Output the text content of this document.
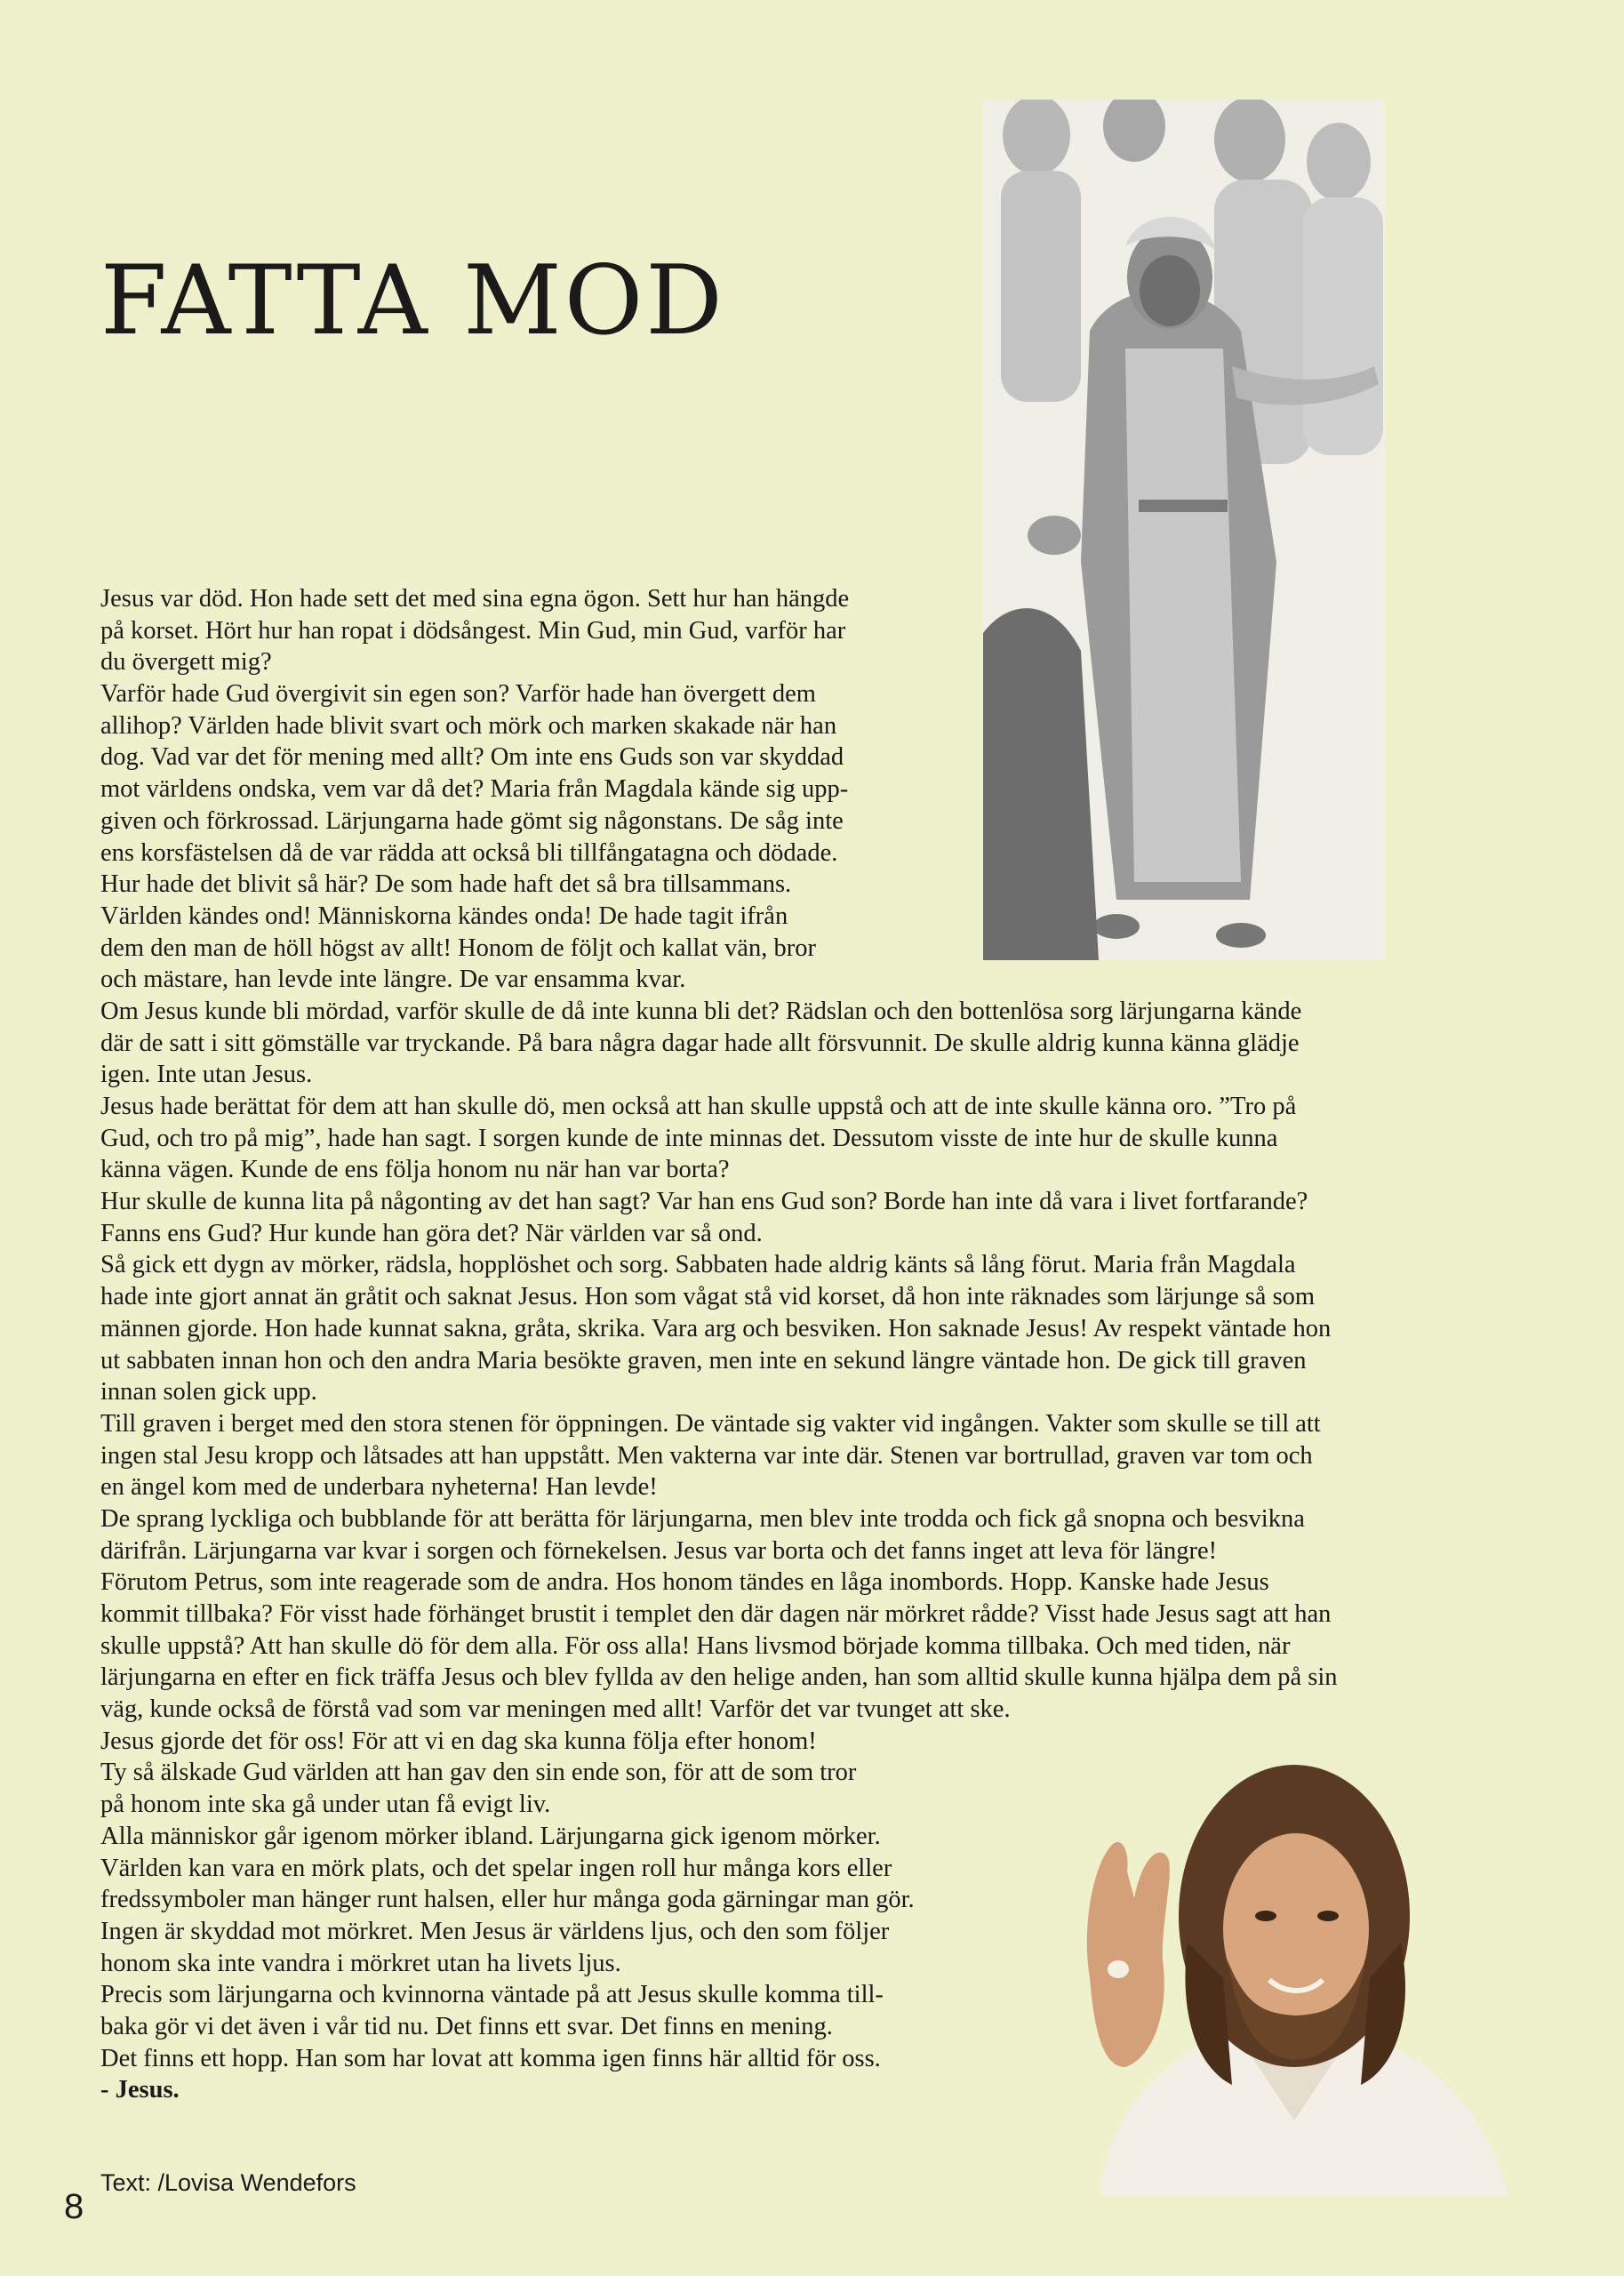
FATTA MOD
Jesus var död. Hon hade sett det med sina egna ögon. Sett hur han hängde
på korset. Hört hur han ropat i dödsångest. Min Gud, min Gud, varför har
du övergett mig?
Varför hade Gud övergivit sin egen son? Varför hade han övergett dem
allihop? Världen hade blivit svart och mörk och marken skakade när han
dog. Vad var det för mening med allt? Om inte ens Guds son var skyddad
mot världens ondska, vem var då det? Maria från Magdala kände sig upp-
given och förkrossad. Lärjungarna hade gömt sig någonstans. De såg inte
ens korsfästelsen då de var rädda att också bli tillfångatagna och dödade.
Hur hade det blivit så här? De som hade haft det så bra tillsammans.
Världen kändes ond! Människorna kändes onda! De hade tagit ifrån
dem den man de höll högst av allt! Honom de följt och kallat vän, bror
och mästare, han levde inte längre. De var ensamma kvar.
Om Jesus kunde bli mördad, varför skulle de då inte kunna bli det? Rädslan och den bottenlösa sorg lärjungarna kände
där de satt i sitt gömställe var tryckande. På bara några dagar hade allt försvunnit. De skulle aldrig kunna känna glädje
igen. Inte utan Jesus.
Jesus hade berättat för dem att han skulle dö, men också att han skulle uppstå och att de inte skulle känna oro. ”Tro på
Gud, och tro på mig”, hade han sagt. I sorgen kunde de inte minnas det. Dessutom visste de inte hur de skulle kunna
känna vägen. Kunde de ens följa honom nu när han var borta?
Hur skulle de kunna lita på någonting av det han sagt? Var han ens Gud son? Borde han inte då vara i livet fortfarande?
Fanns ens Gud? Hur kunde han göra det? När världen var så ond.
Så gick ett dygn av mörker, rädsla, hopplöshet och sorg. Sabbaten hade aldrig känts så lång förut. Maria från Magdala
hade inte gjort annat än gråtit och saknat Jesus. Hon som vågat stå vid korset, då hon inte räknades som lärjunge så som
männen gjorde. Hon hade kunnat sakna, gråta, skrika. Vara arg och besviken. Hon saknade Jesus! Av respekt väntade hon
ut sabbaten innan hon och den andra Maria besökte graven, men inte en sekund längre väntade hon. De gick till graven
innan solen gick upp.
Till graven i berget med den stora stenen för öppningen. De väntade sig vakter vid ingången. Vakter som skulle se till att
ingen stal Jesu kropp och låtsades att han uppstått. Men vakterna var inte där. Stenen var bortrullad, graven var tom och
en ängel kom med de underbara nyheterna! Han levde!
De sprang lyckliga och bubblande för att berätta för lärjungarna, men blev inte trodda och fick gå snopna och besvikna
därifrån. Lärjungarna var kvar i sorgen och förnekelsen. Jesus var borta och det fanns inget att leva för längre!
Förutom Petrus, som inte reagerade som de andra. Hos honom tändes en låga inombords. Hopp. Kanske hade Jesus
kommit tillbaka? För visst hade förhänget brustit i templet den där dagen när mörkret rådde? Visst hade Jesus sagt att han
skulle uppstå? Att han skulle dö för dem alla. För oss alla! Hans livsmod började komma tillbaka. Och med tiden, när
lärjungarna en efter en fick träffa Jesus och blev fyllda av den helige anden, han som alltid skulle kunna hjälpa dem på sin
väg, kunde också de förstå vad som var meningen med allt! Varför det var tvunget att ske.
Jesus gjorde det för oss! För att vi en dag ska kunna följa efter honom!
Ty så älskade Gud världen att han gav den sin ende son, för att de som tror
på honom inte ska gå under utan få evigt liv.
Alla människor går igenom mörker ibland. Lärjungarna gick igenom mörker.
Världen kan vara en mörk plats, och det spelar ingen roll hur många kors eller
fredssymboler man hänger runt halsen, eller hur många goda gärningar man gör.
Ingen är skyddad mot mörkret. Men Jesus är världens ljus, och den som följer
honom ska inte vandra i mörkret utan ha livets ljus.
Precis som lärjungarna och kvinnorna väntade på att Jesus skulle komma till-
baka gör vi det även i vår tid nu. Det finns ett svar. Det finns en mening.
Det finns ett hopp. Han som har lovat att komma igen finns här alltid för oss.
- Jesus.
Text: /Lovisa Wendefors
8
